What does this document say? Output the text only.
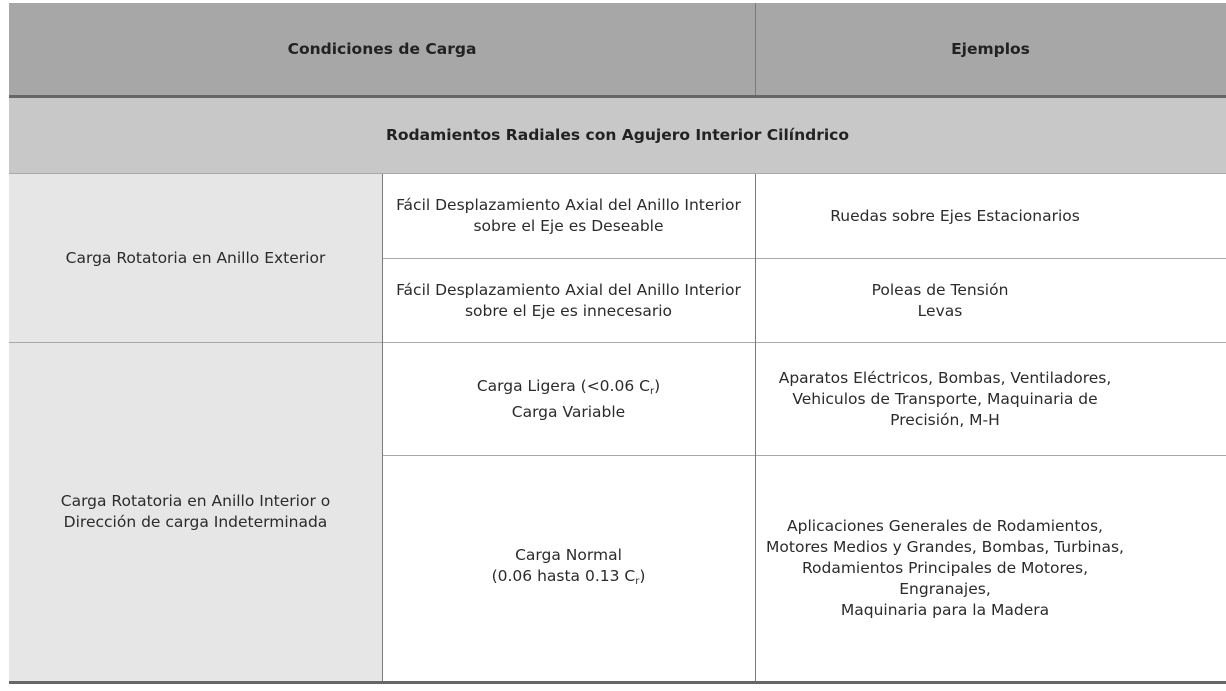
Condiciones de Carga	Ejemplos
Rodamientos Radiales con Agujero Interior Cilíndrico
Carga Rotatoria en Anillo Exterior
Fácil Desplazamiento Axial del Anillo Interior
sobre el Eje es Deseable
Ruedas sobre Ejes Estacionarios
Fácil Desplazamiento Axial del Anillo Interior
sobre el Eje es innecesario
Poleas de Tensión
Levas
Carga Rotatoria en Anillo Interior o
Dirección de carga Indeterminada
Carga Ligera (<0.06 $C_r$)
Carga Variable
Aparatos Eléctricos, Bombas, Ventiladores,
Vehiculos de Transporte, Maquinaria de
Precisión, M-H
Carga Normal
(0.06 hasta 0.13 $C_r$)
Aplicaciones Generales de Rodamientos,
Motores Medios y Grandes, Bombas, Turbinas,
Rodamientos Principales de Motores, Engranajes,
Maquinaria para la Madera
